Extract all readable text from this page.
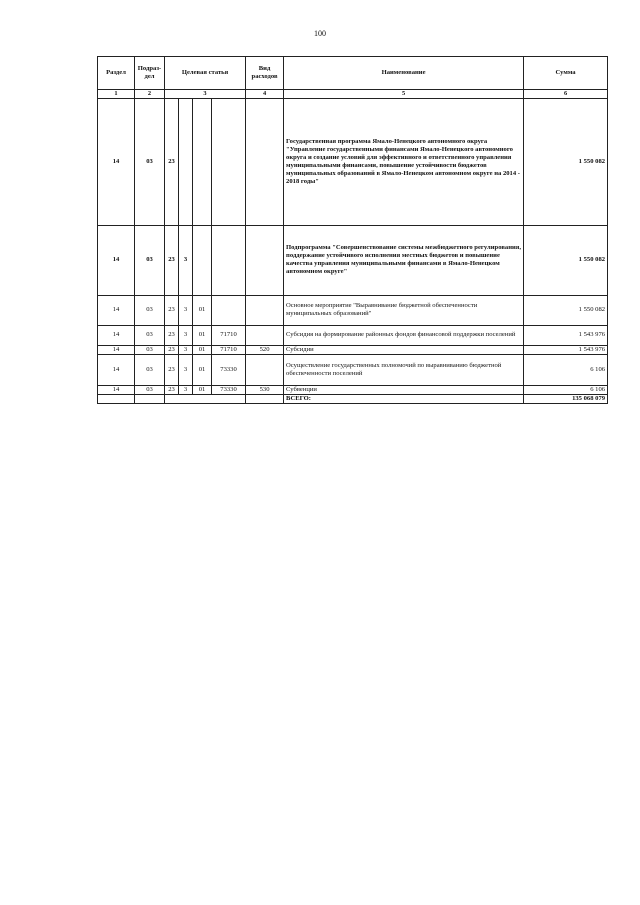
100
Раздел	Подраз-дел	Целевая статья				Вид расходов	Наименование	Сумма
1	2	3				4	5	6
14	03	23					Государственная программа Ямало-Ненецкого автономного округа "Управление государственными финансами Ямало-Ненецкого автономного округа и создание условий для эффективного и ответственного управления муниципальными финансами, повышение устойчивости бюджетов муниципальных образований в Ямало-Ненецком автономном округе на 2014 - 2018 годы"	1 550 082
14	03	23	3				Подпрограмма "Совершенствование системы межбюджетного регулирования, поддержание устойчивого исполнения местных бюджетов и повышение качества управления муниципальными финансами в Ямало-Ненецком автономном округе"	1 550 082
14	03	23	3	01			Основное мероприятие "Выравнивание бюджетной обеспеченности муниципальных образований"	1 550 082
14	03	23	3	01	71710		Субсидия на формирование районных фондов финансовой поддержки поселений	1 543 976
14	03	23	3	01	71710	520	Субсидии	1 543 976
14	03	23	3	01	73330		Осуществление государственных полномочий по выравниванию бюджетной обеспеченности поселений	6 106
14	03	23	3	01	73330	530	Субвенции	6 106
							ВСЕГО:	135 068 079
